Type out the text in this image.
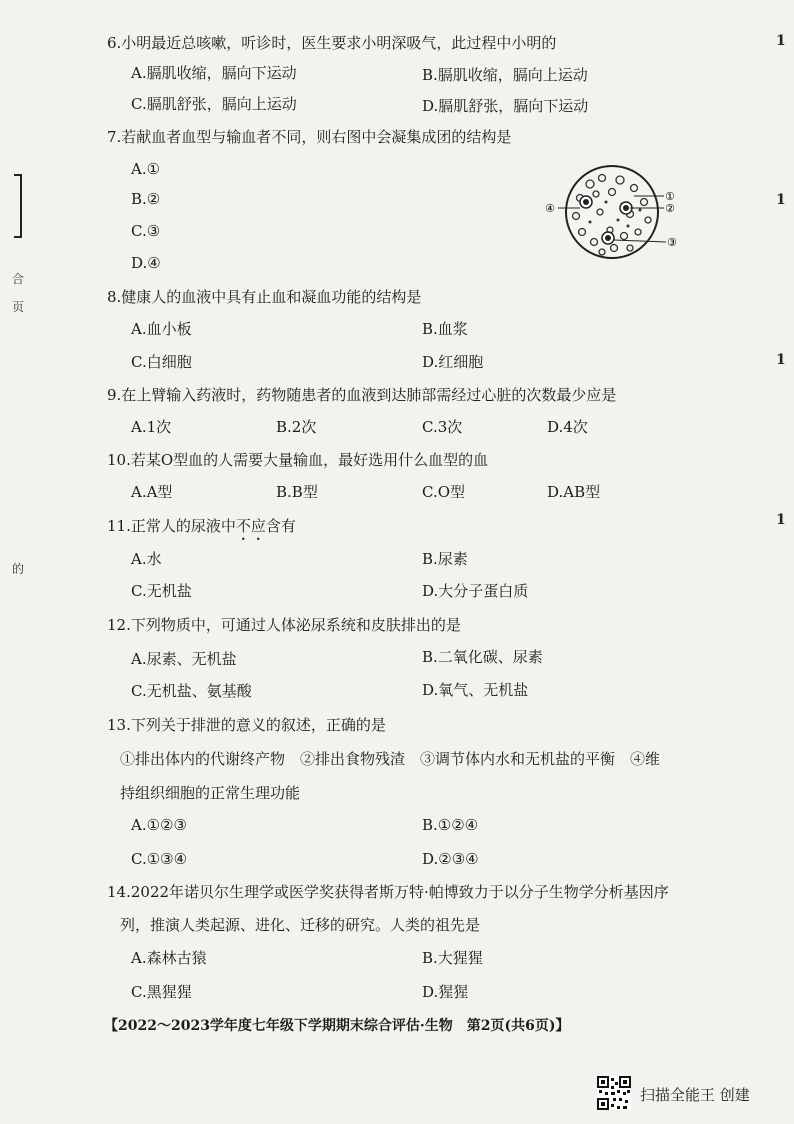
合
页
的
1
1
1
1
6.小明最近总咳嗽，听诊时，医生要求小明深吸气，此过程中小明的
A.膈肌收缩，膈向下运动	B.膈肌收缩，膈向上运动
C.膈肌舒张，膈向上运动	D.膈肌舒张，膈向下运动
7.若献血者血型与输血者不同，则右图中会凝集成团的结构是
A.①
B.②
C.③
D.④
①
②
③
④
8.健康人的血液中具有止血和凝血功能的结构是
A.血小板	B.血浆
C.白细胞	D.红细胞
9.在上臂输入药液时，药物随患者的血液到达肺部需经过心脏的次数最少应是
A.1次	B.2次	C.3次	D.4次
10.若某O型血的人需要大量输血，最好选用什么血型的血
A.A型	B.B型	C.O型	D.AB型
11.正常人的尿液中不应含有
A.水	B.尿素
C.无机盐	D.大分子蛋白质
12.下列物质中，可通过人体泌尿系统和皮肤排出的是
A.尿素、无机盐	B.二氧化碳、尿素
C.无机盐、氨基酸	D.氧气、无机盐
13.下列关于排泄的意义的叙述，正确的是
①排出体内的代谢终产物　②排出食物残渣　③调节体内水和无机盐的平衡　④维
持组织细胞的正常生理功能
A.①②③	B.①②④
C.①③④	D.②③④
14.2022年诺贝尔生理学或医学奖获得者斯万特·帕博致力于以分子生物学分析基因序
列，推演人类起源、进化、迁移的研究。人类的祖先是
A.森林古猿	B.大猩猩
C.黑猩猩	D.猩猩
【2022～2023学年度七年级下学期期末综合评估·生物　第2页(共6页)】
扫描全能王 创建
